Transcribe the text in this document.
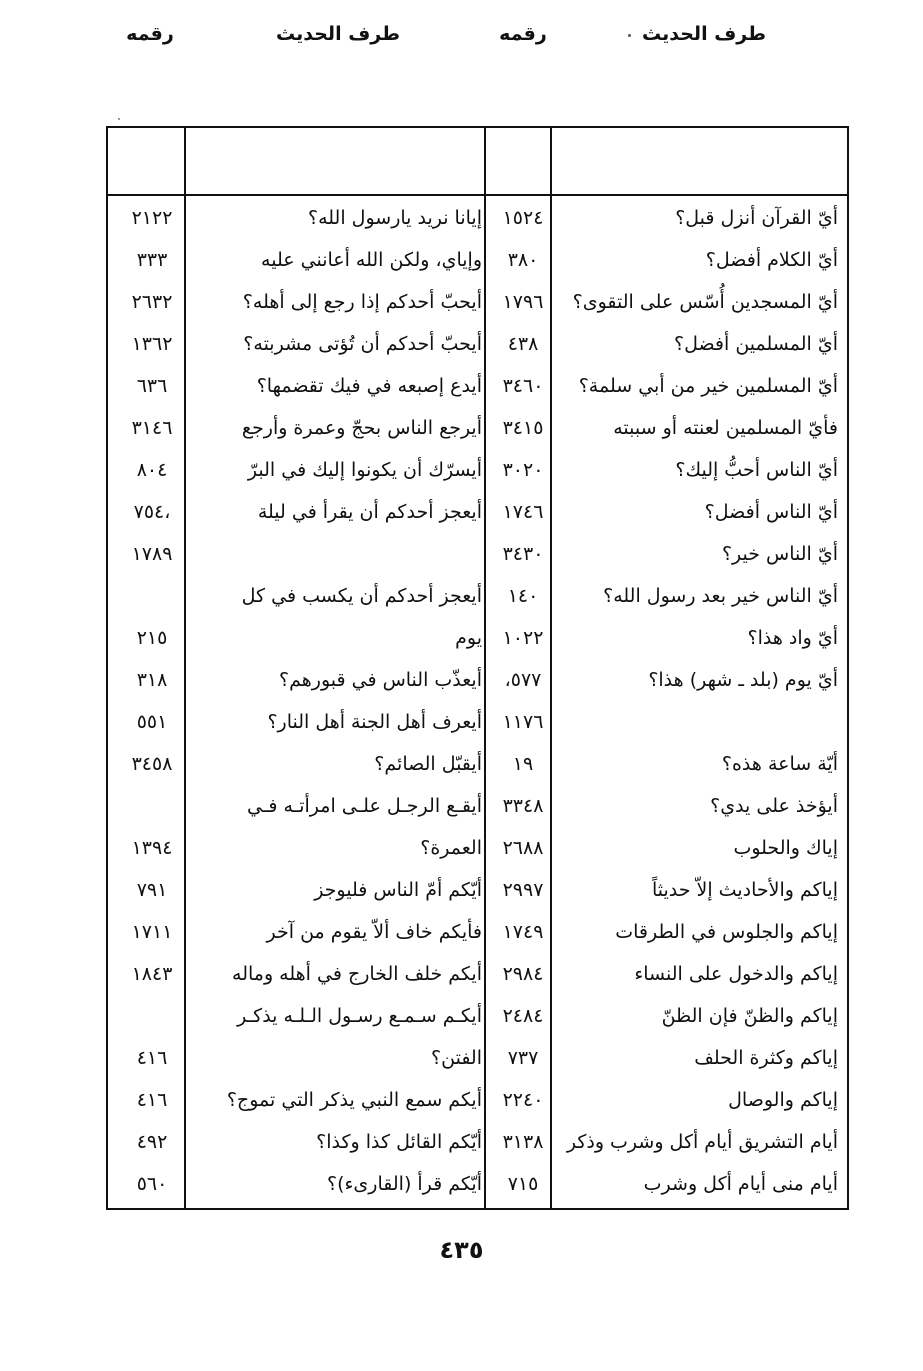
طرف الحديث
رقمه
طرف الحديث
رقمه
أيّ القرآن أنزل قبل؟
١٥٢٤
أيّ الكلام أفضل؟
٣٨٠
أيّ المسجدين أُسّس على التقوى؟
١٧٩٦
أيّ المسلمين أفضل؟
٤٣٨
أيّ المسلمين خير من أبي سلمة؟
٣٤٦٠
فأيّ المسلمين لعنته أو سببته
٣٤١٥
أيّ الناس أحبُّ إليك؟
٣٠٢٠
أيّ الناس أفضل؟
١٧٤٦
أيّ الناس خير؟
٣٤٣٠
أيّ الناس خير بعد رسول الله؟
١٤٠
أيّ واد هذا؟
١٠٢٢
أيّ يوم (بلد ـ شهر) هذا؟
٥٧٧،
١١٧٦
أيّة ساعة هذه؟
١٩
أيؤخذ على يدي؟
٣٣٤٨
إياك والحلوب
٢٦٨٨
إياكم والأحاديث إلاّ حديثاً
٢٩٩٧
إياكم والجلوس في الطرقات
١٧٤٩
إياكم والدخول على النساء
٢٩٨٤
إياكم والظنّ فإن الظنّ
٢٤٨٤
إياكم وكثرة الحلف
٧٣٧
إياكم والوصال
٢٢٤٠
أيام التشريق أيام أكل وشرب وذكر
٣١٣٨
أيام منى أيام أكل وشرب
٧١٥
إيانا نريد يارسول الله؟
٢١٢٢
وإياي، ولكن الله أعانني عليه
٣٣٣
أيحبّ أحدكم إذا رجع إلى أهله؟
٢٦٣٢
أيحبّ أحدكم أن تُؤتى مشربته؟
١٣٦٢
أيدع إصبعه في فيك تقضمها؟
٦٣٦
أيرجع الناس بحجّ وعمرة وأرجع
٣١٤٦
أيسرّك أن يكونوا إليك في البرّ
٨٠٤
أيعجز أحدكم أن يقرأ في ليلة
،٧٥٤
١٧٨٩
أيعجز أحدكم أن يكسب في كل
يوم
٢١٥
أيعذّب الناس في قبورهم؟
٣١٨
أيعرف أهل الجنة أهل النار؟
٥٥١
أيقبّل الصائم؟
٣٤٥٨
أيقـع الرجـل علـى امرأتـه فـي
العمرة؟
١٣٩٤
أيّكم أمّ الناس فليوجز
٧٩١
فأيكم خاف ألاّ يقوم من آخر
١٧١١
أيكم خلف الخارج في أهله وماله
١٨٤٣
أيكـم سـمـع رسـول الـلـه يذكـر
الفتن؟
٤١٦
أيكم سمع النبي يذكر التي تموج؟
٤١٦
أيّكم القائل كذا وكذا؟
٤٩٢
أيّكم قرأ (القارىء)؟
٥٦٠
٤٣٥
